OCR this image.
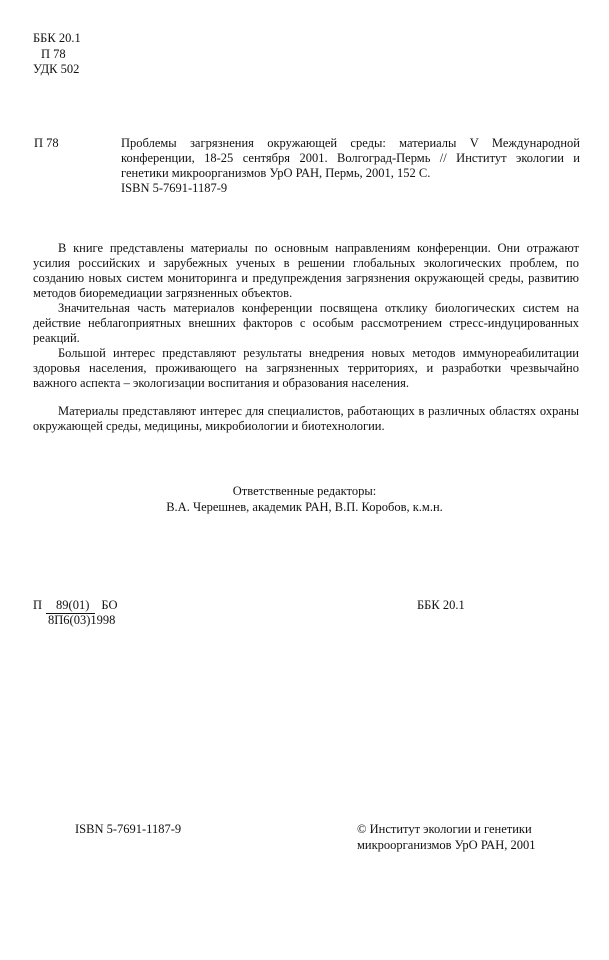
ББК 20.1
П 78
УДК 502
П 78	Проблемы загрязнения окружающей среды: материалы V Международной
конференции, 18-25 сентября 2001. Волгоград-Пермь // Институт экологии и
генетики микроорганизмов УрО РАН, Пермь, 2001, 152 С.
ISBN 5-7691-1187-9

В книге представлены материалы по основным направлениям конференции. Они отражают усилия российских и зарубежных ученых в решении глобальных экологических проблем, по созданию новых систем мониторинга и предупреждения загрязнения окружающей среды, развитию методов биоремедиации загрязненных объектов.

Значительная часть материалов конференции посвящена отклику биологических систем на действие неблагоприятных внешних факторов с особым рассмотрением стресс-индуцированных реакций.

Большой интерес представляют результаты внедрения новых методов иммунореабилитации здоровья населения, проживающего на загрязненных территориях, и разработки чрезвычайно важного аспекта – экологизации воспитания и образования населения.

Материалы представляют интерес для специалистов, работающих в различных областях охраны окружающей среды, медицины, микробиологии и биотехнологии.

Ответственные редакторы:
В.А. Черешнев, академик РАН, В.П. Коробов, к.м.н.
П 89(01) БО
8П6(03)1998
ББК 20.1
ISBN 5-7691-1187-9	© Институт экологии и генетики
микроорганизмов УрО РАН, 2001
